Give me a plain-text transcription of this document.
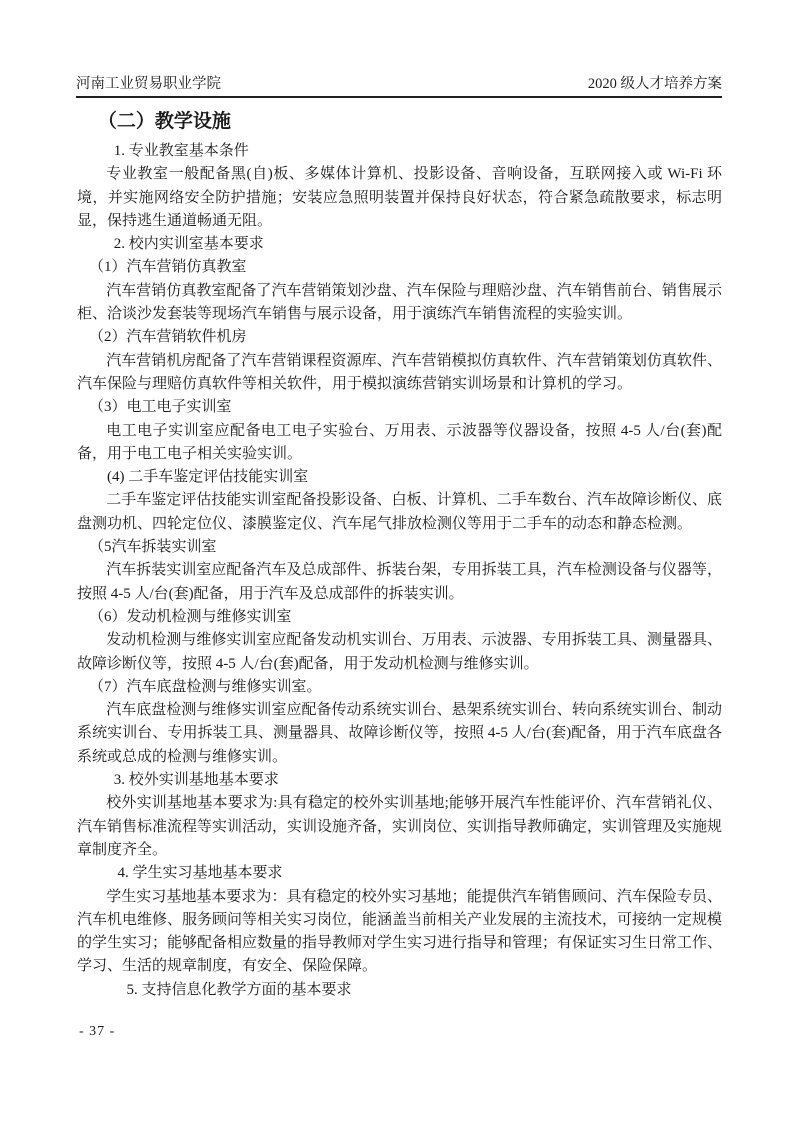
河南工业贸易职业学院	2020 级人才培养方案
（二）教学设施
1. 专业教室基本条件
专业教室一般配备黑(自)板、多媒体计算机、投影设备、音响设备，互联网接入或 Wi-Fi 环境，并实施网络安全防护措施；安装应急照明装置并保持良好状态，符合紧急疏散要求，标志明显，保持逃生通道畅通无阻。
2. 校内实训室基本要求
（1）汽车营销仿真教室
汽车营销仿真教室配备了汽车营销策划沙盘、汽车保险与理赔沙盘、汽车销售前台、销售展示柜、洽谈沙发套装等现场汽车销售与展示设备，用于演练汽车销售流程的实验实训。
（2）汽车营销软件机房
汽车营销机房配备了汽车营销课程资源库、汽车营销模拟仿真软件、汽车营销策划仿真软件、汽车保险与理赔仿真软件等相关软件，用于模拟演练营销实训场景和计算机的学习。
（3）电工电子实训室
电工电子实训室应配备电工电子实验台、万用表、示波器等仪器设备，按照 4-5 人/台(套)配备，用于电工电子相关实验实训。
(4) 二手车鉴定评估技能实训室
二手车鉴定评估技能实训室配备投影设备、白板、计算机、二手车数台、汽车故障诊断仪、底盘测功机、四轮定位仪、漆膜鉴定仪、汽车尾气排放检测仪等用于二手车的动态和静态检测。
（5汽车拆装实训室
汽车拆装实训室应配备汽车及总成部件、拆装台架，专用拆装工具，汽车检测设备与仪器等，按照 4-5 人/台(套)配备，用于汽车及总成部件的拆装实训。
（6）发动机检测与维修实训室
发动机检测与维修实训室应配备发动机实训台、万用表、示波器、专用拆装工具、测量器具、故障诊断仪等，按照 4-5 人/台(套)配备，用于发动机检测与维修实训。
（7）汽车底盘检测与维修实训室。
汽车底盘检测与维修实训室应配备传动系统实训台、悬架系统实训台、转向系统实训台、制动系统实训台、专用拆装工具、测量器具、故障诊断仪等，按照 4-5 人/台(套)配备，用于汽车底盘各系统或总成的检测与维修实训。
3. 校外实训基地基本要求
校外实训基地基本要求为:具有稳定的校外实训基地;能够开展汽车性能评价、汽车营销礼仪、汽车销售标准流程等实训活动，实训设施齐备，实训岗位、实训指导教师确定，实训管理及实施规章制度齐全。
4. 学生实习基地基本要求
学生实习基地基本要求为：具有稳定的校外实习基地；能提供汽车销售顾问、汽车保险专员、汽车机电维修、服务顾问等相关实习岗位，能涵盖当前相关产业发展的主流技术，可接纳一定规模的学生实习；能够配备相应数量的指导教师对学生实习进行指导和管理；有保证实习生日常工作、学习、生活的规章制度，有安全、保险保障。
5. 支持信息化教学方面的基本要求
- 37 -
